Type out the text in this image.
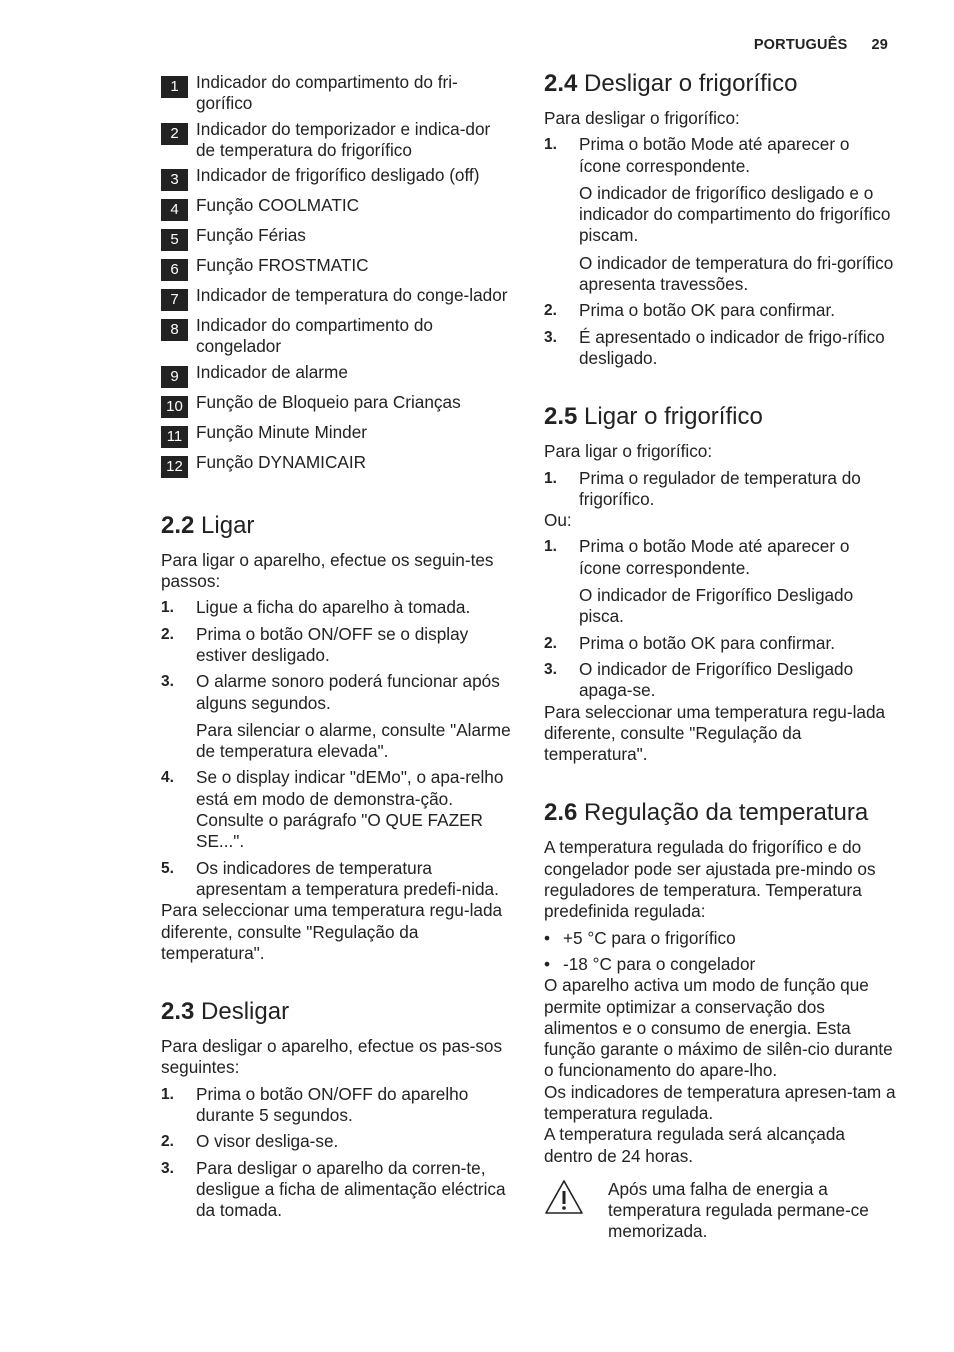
PORTUGUÊS 29
1	Indicador do compartimento do fri-gorífico
2	Indicador do temporizador e indica-dor de temperatura do frigorífico
3	Indicador de frigorífico desligado (off)
4	Função COOLMATIC
5	Função Férias
6	Função FROSTMATIC
7	Indicador de temperatura do conge-lador
8	Indicador do compartimento do congelador
9	Indicador de alarme
10 Função de Bloqueio para Crianças
11 Função Minute Minder
12 Função DYNAMICAIR
2.2 Ligar

Para ligar o aparelho, efectue os seguin-tes passos:

1.	Ligue a ficha do aparelho à tomada.
2.	Prima o botão ON/OFF se o display estiver desligado.
3.	O alarme sonoro poderá funcionar após alguns segundos.

Para silenciar o alarme, consulte "Alarme de temperatura elevada".

4.	Se o display indicar "dEMo", o apa-relho está em modo de demonstra-ção. Consulte o parágrafo "O QUE FAZER SE...".
5.	Os indicadores de temperatura apresentam a temperatura predefi-nida.

Para seleccionar uma temperatura regu-lada diferente, consulte "Regulação da temperatura".

2.3 Desligar

Para desligar o aparelho, efectue os pas-sos seguintes:

1.	Prima o botão ON/OFF do aparelho durante 5 segundos.
2.	O visor desliga-se.
3.	Para desligar o aparelho da corren-te, desligue a ficha de alimentação eléctrica da tomada.
2.4 Desligar o frigorífico

Para desligar o frigorífico:

1.	Prima o botão Mode até aparecer o ícone correspondente.

O indicador de frigorífico desligado e o indicador do compartimento do frigorífico piscam.

O indicador de temperatura do fri-gorífico apresenta travessões.

2.	Prima o botão OK para confirmar.
3.	É apresentado o indicador de frigo-rífico desligado.
2.5 Ligar o frigorífico

Para ligar o frigorífico:

1.	Prima o regulador de temperatura do frigorífico.

Ou:

1.	Prima o botão Mode até aparecer o ícone correspondente.

O indicador de Frigorífico Desligado pisca.

2.	Prima o botão OK para confirmar.
3.	O indicador de Frigorífico Desligado apaga-se.

Para seleccionar uma temperatura regu-lada diferente, consulte "Regulação da temperatura".

2.6 Regulação da temperatura

A temperatura regulada do frigorífico e do congelador pode ser ajustada pre-mindo os reguladores de temperatura. Temperatura predefinida regulada:

• +5 °C para o frigorífico
• -18 °C para o congelador

O aparelho activa um modo de função que permite optimizar a conservação dos alimentos e o consumo de energia. Esta função garante o máximo de silên-cio durante o funcionamento do apare-lho.

Os indicadores de temperatura apresen-tam a temperatura regulada.

A temperatura regulada será alcançada dentro de 24 horas.

Após uma falha de energia a temperatura regulada permane-ce memorizada.
